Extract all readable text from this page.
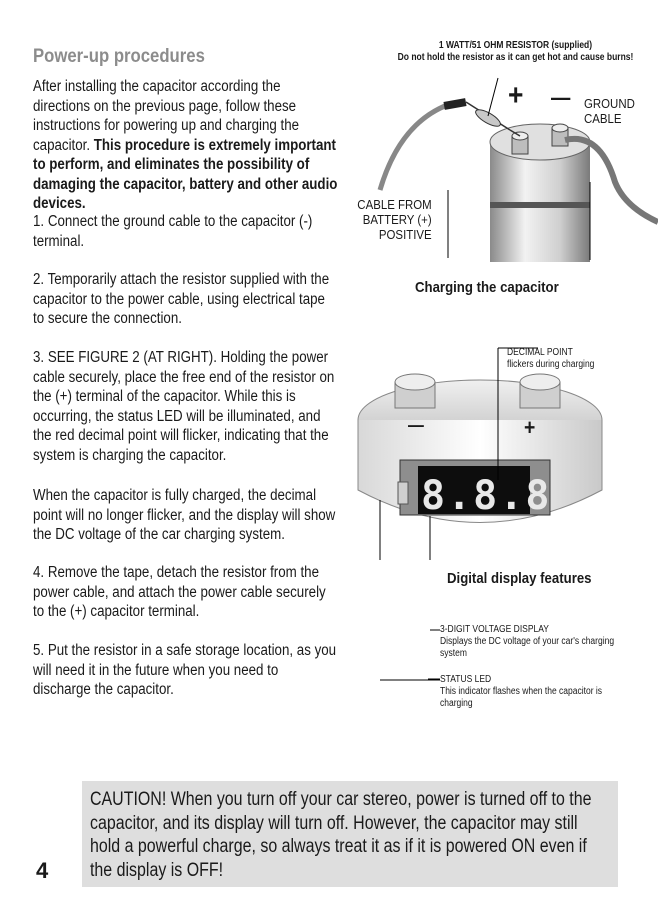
Power-up procedures

After installing the capacitor according the directions on the previous page, follow these instructions for powering up and charging the capacitor. This procedure is extremely important to perform, and eliminates the possibility of damaging the capacitor, battery and other audio devices.

1. Connect the ground cable to the capacitor (-) terminal.

2. Temporarily attach the resistor supplied with the capacitor to the power cable, using electrical tape to secure the connection.

3. SEE FIGURE 2 (AT RIGHT). Holding the power cable securely, place the free end of the resistor on the (+) terminal of the capacitor. While this is occurring, the status LED will be illuminated, and the red decimal point will flicker, indicating that the system is charging the capacitor.

When the capacitor is fully charged, the decimal point will no longer flicker, and the display will show the DC voltage of the car charging system.

4. Remove the tape, detach the resistor from the power cable, and attach the power cable securely to the (+) capacitor terminal.

5. Put the resistor in a safe storage location, as you will need it in the future when you need to discharge the capacitor.

1 WATT/51 OHM RESISTOR (supplied)
Do not hold the resistor as it can get hot and cause burns!

+ — GROUND CABLE

CABLE FROM BATTERY (+) POSITIVE

Charging the capacitor
8.8.8
—	+

DECIMAL POINT
flickers during charging

Digital display features

3-DIGIT VOLTAGE DISPLAY
Displays the DC voltage of your car's charging system

STATUS LED
This indicator flashes when the capacitor is charging

CAUTION! When you turn off your car stereo, power is turned off to the capacitor, and its display will turn off. However, the capacitor may still hold a powerful charge, so always treat it as if it is powered ON even if the display is OFF!

4
